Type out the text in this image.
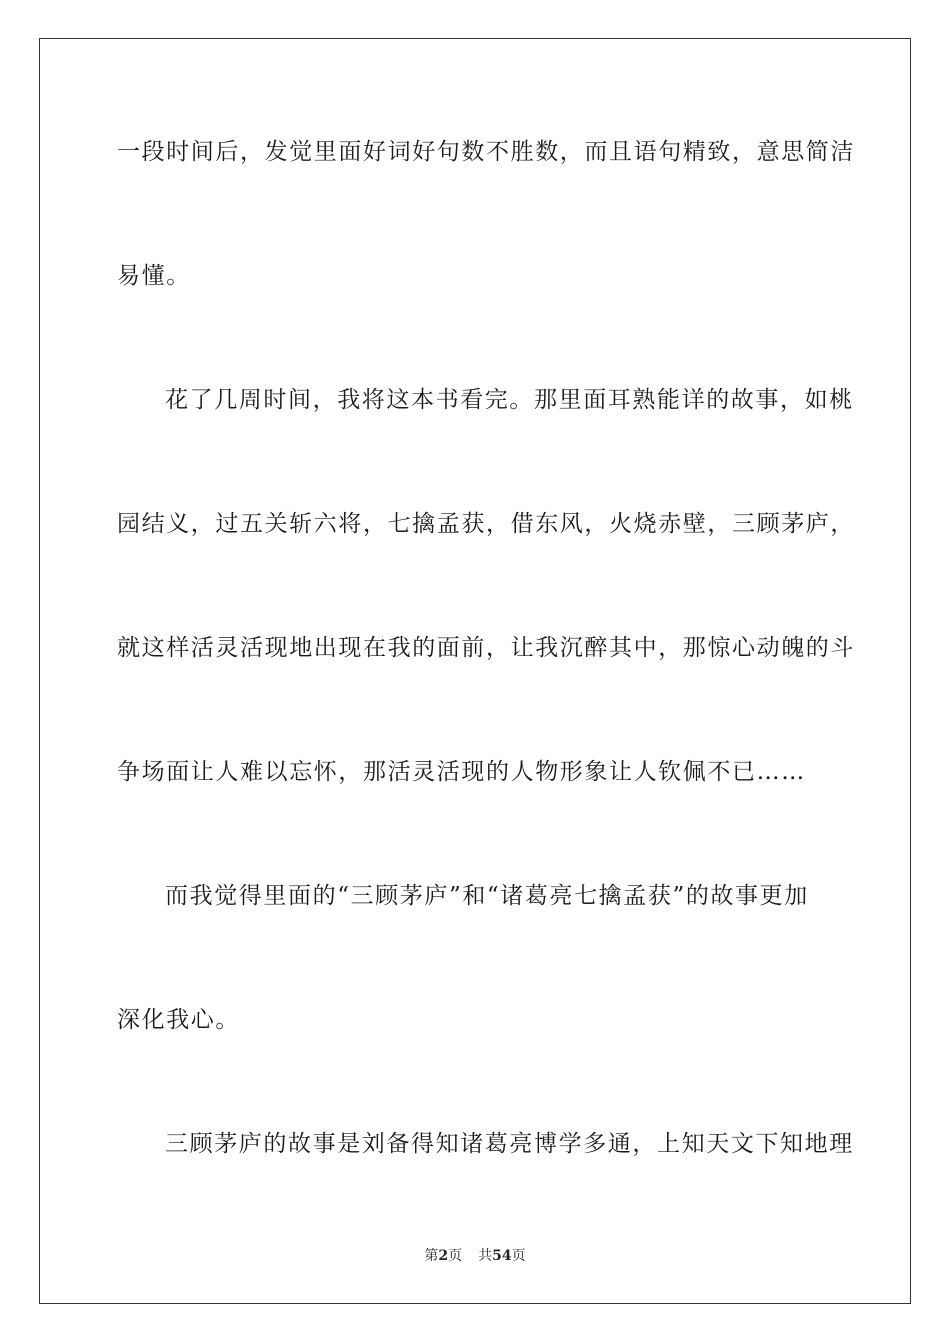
一段时间后，发觉里面好词好句数不胜数，而且语句精致，意思简洁
易懂。
花了几周时间，我将这本书看完。那里面耳熟能详的故事，如桃
园结义，过五关斩六将，七擒孟获，借东风，火烧赤壁，三顾茅庐，
就这样活灵活现地出现在我的面前，让我沉醉其中，那惊心动魄的斗
争场面让人难以忘怀，那活灵活现的人物形象让人钦佩不已……
而我觉得里面的“三顾茅庐”和“诸葛亮七擒孟获”的故事更加
深化我心。
三顾茅庐的故事是刘备得知诸葛亮博学多通，上知天文下知地理
第2页 共54页
